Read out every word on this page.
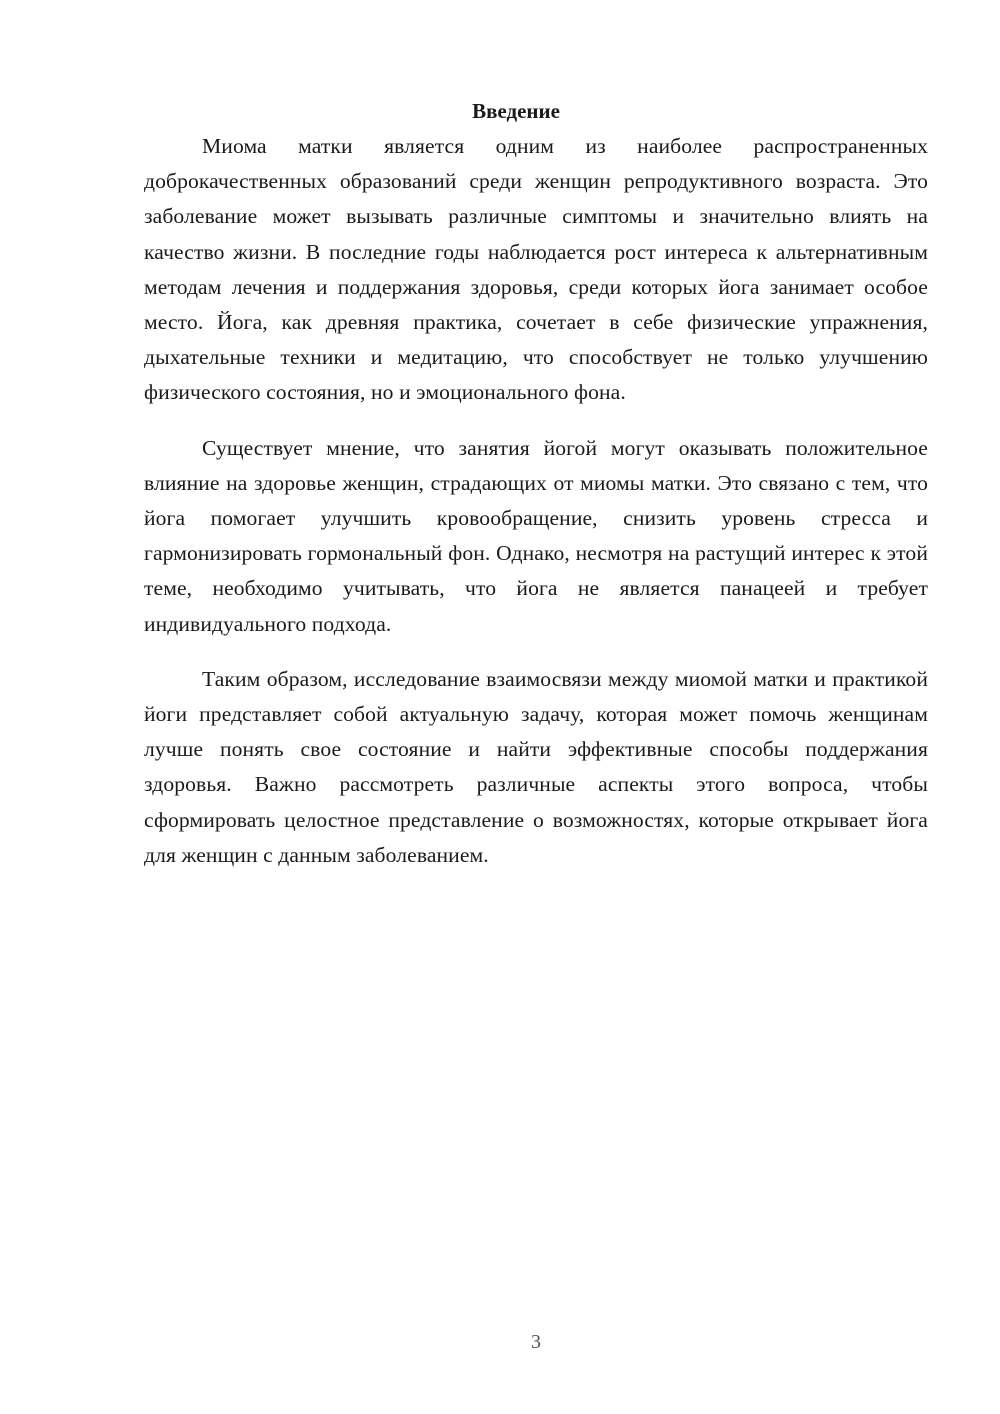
Введение

Миома матки является одним из наиболее распространенных доброкачественных образований среди женщин репродуктивного возраста. Это заболевание может вызывать различные симптомы и значительно влиять на качество жизни. В последние годы наблюдается рост интереса к альтернативным методам лечения и поддержания здоровья, среди которых йога занимает особое место. Йога, как древняя практика, сочетает в себе физические упражнения, дыхательные техники и медитацию, что способствует не только улучшению физического состояния, но и эмоционального фона.

Существует мнение, что занятия йогой могут оказывать положительное влияние на здоровье женщин, страдающих от миомы матки. Это связано с тем, что йога помогает улучшить кровообращение, снизить уровень стресса и гармонизировать гормональный фон. Однако, несмотря на растущий интерес к этой теме, необходимо учитывать, что йога не является панацеей и требует индивидуального подхода.

Таким образом, исследование взаимосвязи между миомой матки и практикой йоги представляет собой актуальную задачу, которая может помочь женщинам лучше понять свое состояние и найти эффективные способы поддержания здоровья. Важно рассмотреть различные аспекты этого вопроса, чтобы сформировать целостное представление о возможностях, которые открывает йога для женщин с данным заболеванием.

3
